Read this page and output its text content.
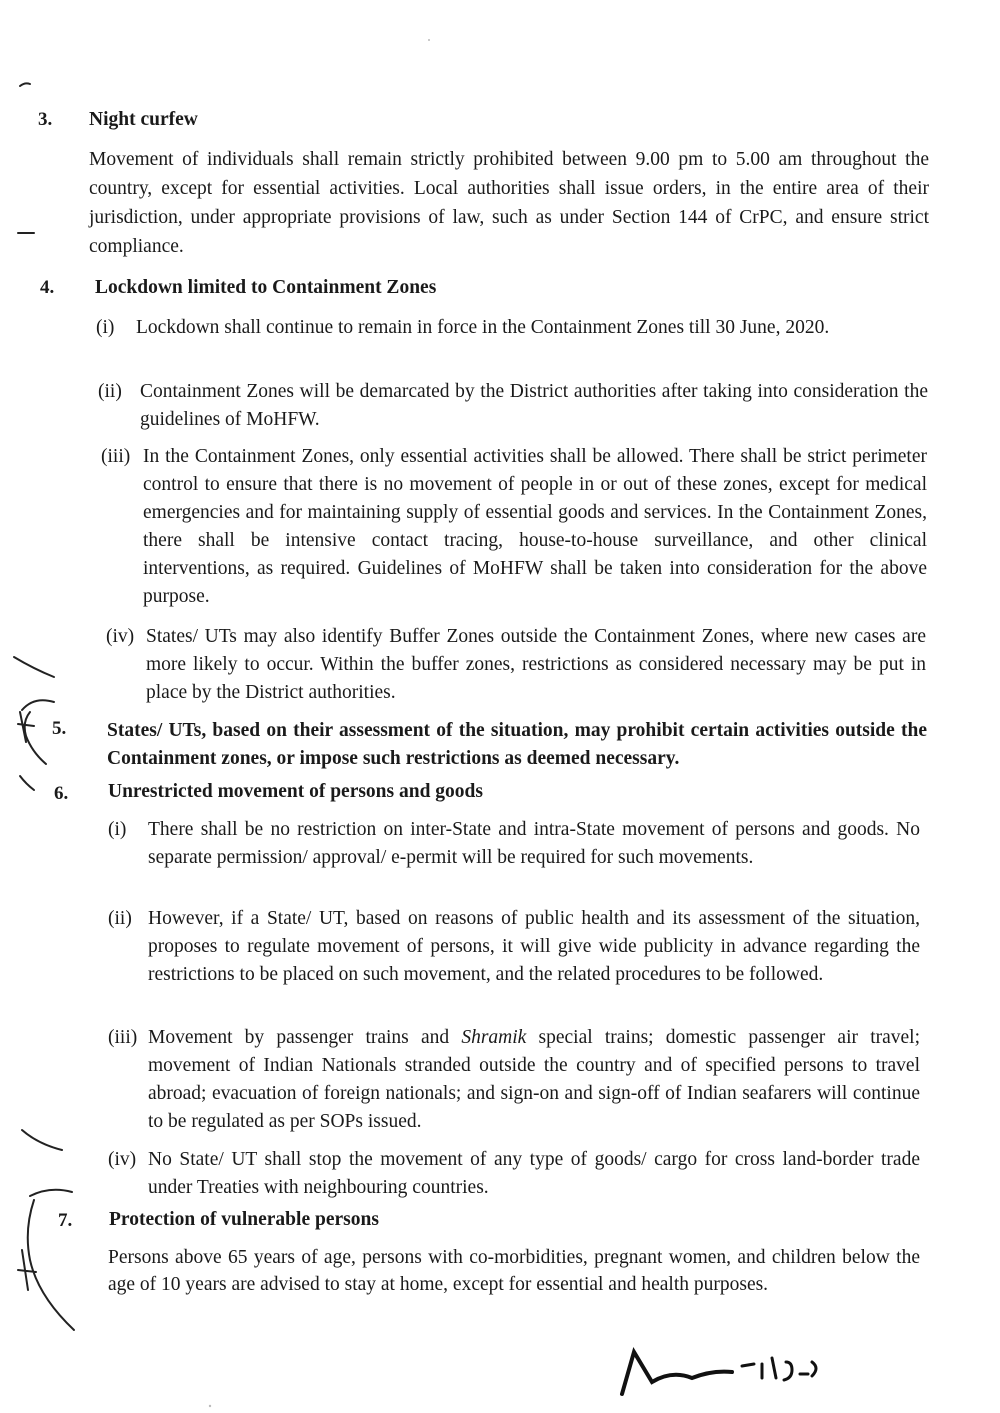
3. Night curfew
Movement of individuals shall remain strictly prohibited between 9.00 pm to 5.00 am throughout the country, except for essential activities. Local authorities shall issue orders, in the entire area of their jurisdiction, under appropriate provisions of law, such as under Section 144 of CrPC, and ensure strict compliance.
4. Lockdown limited to Containment Zones
(i) Lockdown shall continue to remain in force in the Containment Zones till 30 June, 2020.
(ii) Containment Zones will be demarcated by the District authorities after taking into consideration the guidelines of MoHFW.
(iii) In the Containment Zones, only essential activities shall be allowed. There shall be strict perimeter control to ensure that there is no movement of people in or out of these zones, except for medical emergencies and for maintaining supply of essential goods and services. In the Containment Zones, there shall be intensive contact tracing, house-to-house surveillance, and other clinical interventions, as required. Guidelines of MoHFW shall be taken into consideration for the above purpose.
(iv) States/ UTs may also identify Buffer Zones outside the Containment Zones, where new cases are more likely to occur. Within the buffer zones, restrictions as considered necessary may be put in place by the District authorities.
5. States/ UTs, based on their assessment of the situation, may prohibit certain activities outside the Containment zones, or impose such restrictions as deemed necessary.
6. Unrestricted movement of persons and goods
(i) There shall be no restriction on inter-State and intra-State movement of persons and goods. No separate permission/ approval/ e-permit will be required for such movements.
(ii) However, if a State/ UT, based on reasons of public health and its assessment of the situation, proposes to regulate movement of persons, it will give wide publicity in advance regarding the restrictions to be placed on such movement, and the related procedures to be followed.
(iii) Movement by passenger trains and Shramik special trains; domestic passenger air travel; movement of Indian Nationals stranded outside the country and of specified persons to travel abroad; evacuation of foreign nationals; and sign-on and sign-off of Indian seafarers will continue to be regulated as per SOPs issued.
(iv) No State/ UT shall stop the movement of any type of goods/ cargo for cross land-border trade under Treaties with neighbouring countries.
7. Protection of vulnerable persons
Persons above 65 years of age, persons with co-morbidities, pregnant women, and children below the age of 10 years are advised to stay at home, except for essential and health purposes.
